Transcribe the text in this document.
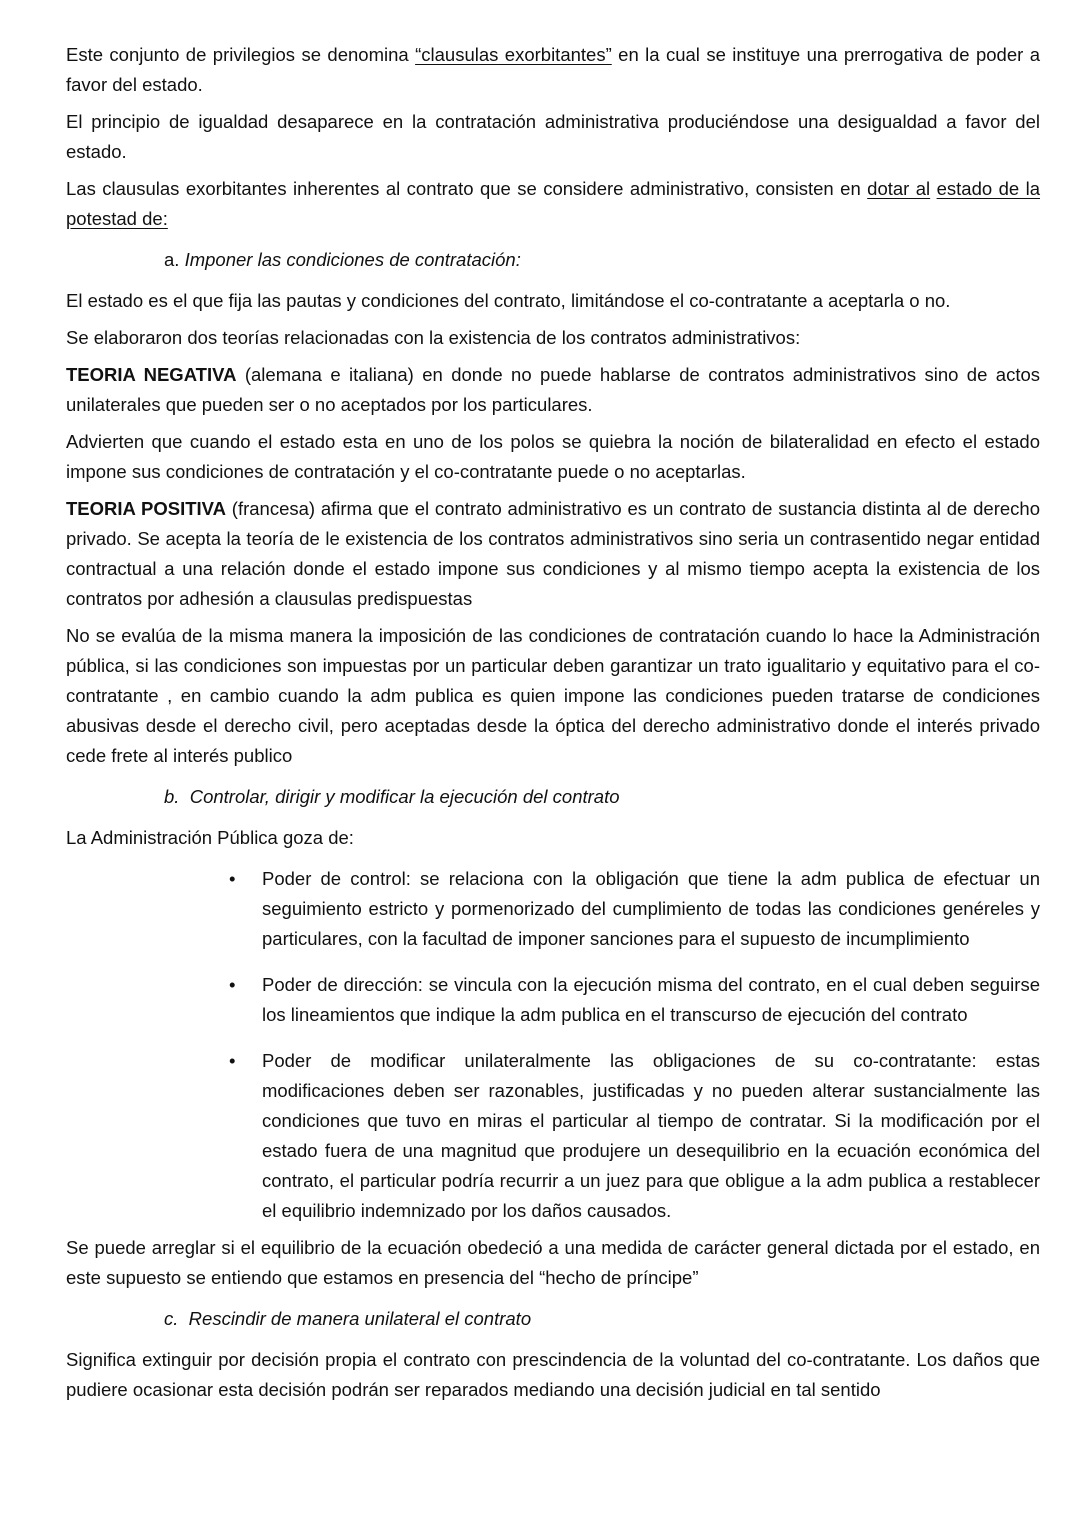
Este conjunto de privilegios se denomina “clausulas exorbitantes” en la cual se instituye una prerrogativa de poder a favor del estado.

El principio de igualdad desaparece en la contratación administrativa produciéndose una desigualdad a favor del estado.

Las clausulas exorbitantes inherentes al contrato que se considere administrativo, consisten en dotar al estado de la potestad de:

a. Imponer las condiciones de contratación:

El estado es el que fija las pautas y condiciones del contrato, limitándose el co-contratante a aceptarla o no.

Se elaboraron dos teorías relacionadas con la existencia de los contratos administrativos:

TEORIA NEGATIVA (alemana e italiana) en donde no puede hablarse de contratos administrativos sino de actos unilaterales que pueden ser o no aceptados por los particulares.

Advierten que cuando el estado esta en uno de los polos se quiebra la noción de bilateralidad en efecto el estado impone sus condiciones de contratación y el co-contratante puede o no aceptarlas.

TEORIA POSITIVA (francesa) afirma que el contrato administrativo es un contrato de sustancia distinta al de derecho privado. Se acepta la teoría de le existencia de los contratos administrativos sino seria un contrasentido negar entidad contractual a una relación donde el estado impone sus condiciones y al mismo tiempo acepta la existencia de los contratos por adhesión a clausulas predispuestas

No se evalúa de la misma manera la imposición de las condiciones de contratación cuando lo hace la Administración pública, si las condiciones son impuestas por un particular deben garantizar un trato igualitario y equitativo para el co-contratante , en cambio cuando la adm publica es quien impone las condiciones pueden tratarse de condiciones abusivas desde el derecho civil, pero aceptadas desde la óptica del derecho administrativo donde el interés privado cede frete al interés publico

b. Controlar, dirigir y modificar la ejecución del contrato

La Administración Pública goza de:

• Poder de control: se relaciona con la obligación que tiene la adm publica de efectuar un seguimiento estricto y pormenorizado del cumplimiento de todas las condiciones genéreles y particulares, con la facultad de imponer sanciones para el supuesto de incumplimiento
• Poder de dirección: se vincula con la ejecución misma del contrato, en el cual deben seguirse los lineamientos que indique la adm publica en el transcurso de ejecución del contrato
• Poder de modificar unilateralmente las obligaciones de su co-contratante: estas modificaciones deben ser razonables, justificadas y no pueden alterar sustancialmente las condiciones que tuvo en miras el particular al tiempo de contratar. Si la modificación por el estado fuera de una magnitud que produjere un desequilibrio en la ecuación económica del contrato, el particular podría recurrir a un juez para que obligue a la adm publica a restablecer el equilibrio indemnizado por los daños causados.

Se puede arreglar si el equilibrio de la ecuación obedeció a una medida de carácter general dictada por el estado, en este supuesto se entiendo que estamos en presencia del “hecho de príncipe”

c. Rescindir de manera unilateral el contrato

Significa extinguir por decisión propia el contrato con prescindencia de la voluntad del co-contratante. Los daños que pudiere ocasionar esta decisión podrán ser reparados mediando una decisión judicial en tal sentido
